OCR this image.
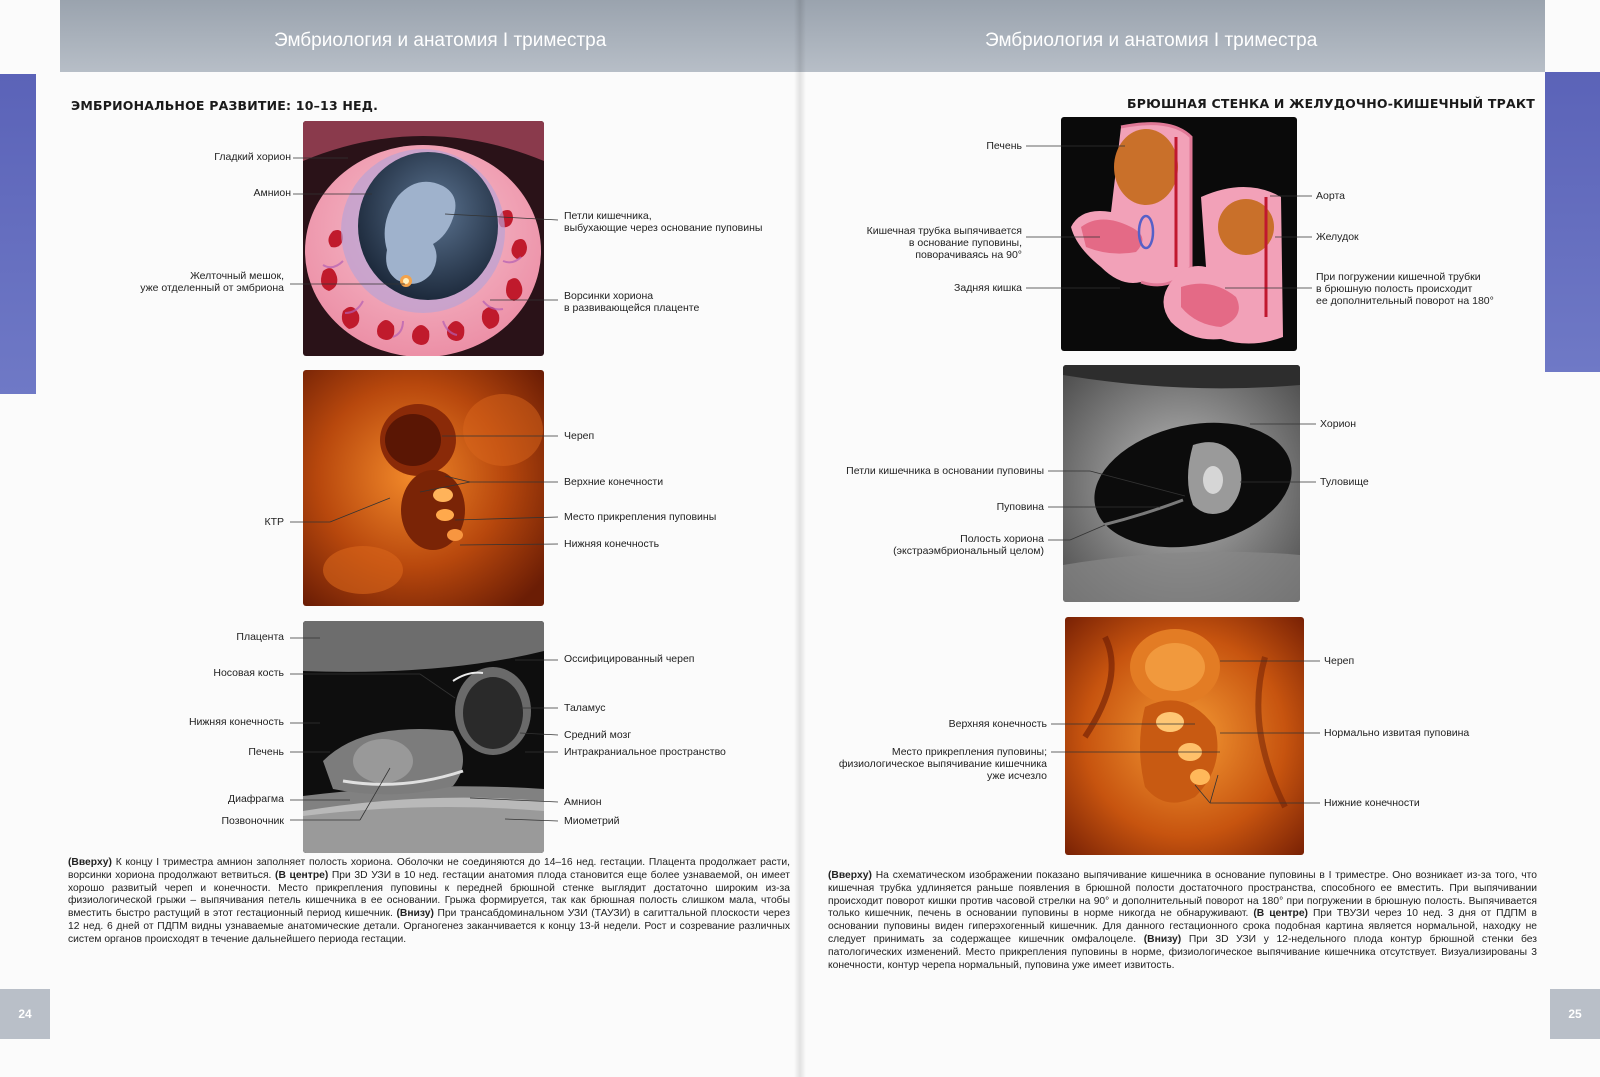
Эмбриология и анатомия I триместра
ЭМБРИОНАЛЬНОЕ РАЗВИТИЕ: 10–13 НЕД.
Гладкий хорион
Амнион
Желточный мешок,
уже отделенный от эмбриона
Петли кишечника,
выбухающие через основание пуповины
Ворсинки хориона
в развивающейся плаценте
Череп
Верхние конечности
КТР	Место прикрепления пуповины
Нижняя конечность
Плацента
Носовая кость
Нижняя конечность
Печень
Диафрагма
Позвоночник
Оссифицированный череп
Таламус
Средний мозг
Интракраниальное пространство
Амнион
Миометрий
(Вверху) К концу I триместра амнион заполняет полость хориона. Оболочки не соединяются до 14–16 нед. гестации. Плацента продолжает расти, ворсинки хориона продолжают ветвиться. (В центре) При 3D УЗИ в 10 нед. гестации анатомия плода становится еще более узнаваемой, он имеет хорошо развитый череп и конечности. Место прикрепления пуповины к передней брюшной стенке выглядит достаточно широким из-за физиологической грыжи – выпячивания петель кишечника в ее основании. Грыжа формируется, так как брюшная полость слишком мала, чтобы вместить быстро растущий в этот гестационный период кишечник. (Внизу) При трансабдоминальном УЗИ (ТАУЗИ) в сагиттальной плоскости через 12 нед. 6 дней от ПДПМ видны узнаваемые анатомические детали. Органогенез заканчивается к концу 13-й недели. Рост и созревание различных систем органов происходят в течение дальнейшего периода гестации.
24
Эмбриология и анатомия I триместра
БРЮШНАЯ СТЕНКА И ЖЕЛУДОЧНО-КИШЕЧНЫЙ ТРАКТ
Печень
Кишечная трубка выпячивается
в основание пуповины,
поворачиваясь на 90°
Задняя кишка
Аорта
Желудок
При погружении кишечной трубки
в брюшную полость происходит
ее дополнительный поворот на 180°
Хорион
Петли кишечника в основании пуповины
Туловище
Пуповина
Полость хориона
(экстраэмбриональный целом)
Череп
Верхняя конечность
Нормально извитая пуповина
Место прикрепления пуповины;
физиологическое выпячивание кишечника
уже исчезло
Нижние конечности
(Вверху) На схематическом изображении показано выпячивание кишечника в основание пуповины в I триместре. Оно возникает из-за того, что кишечная трубка удлиняется раньше появления в брюшной полости достаточного пространства, способного ее вместить. При выпячивании происходит поворот кишки против часовой стрелки на 90° и дополнительный поворот на 180° при погружении в брюшную полость. Выпячивается только кишечник, печень в основании пуповины в норме никогда не обнаруживают. (В центре) При ТВУЗИ через 10 нед. 3 дня от ПДПМ в основании пуповины виден гиперэхогенный кишечник. Для данного гестационного срока подобная картина является нормальной, находку не следует принимать за содержащее кишечник омфалоцеле. (Внизу) При 3D УЗИ у 12-недельного плода контур брюшной стенки без патологических изменений. Место прикрепления пуповины в норме, физиологическое выпячивание кишечника отсутствует. Визуализированы 3 конечности, контур черепа нормальный, пуповина уже имеет извитость.
25
